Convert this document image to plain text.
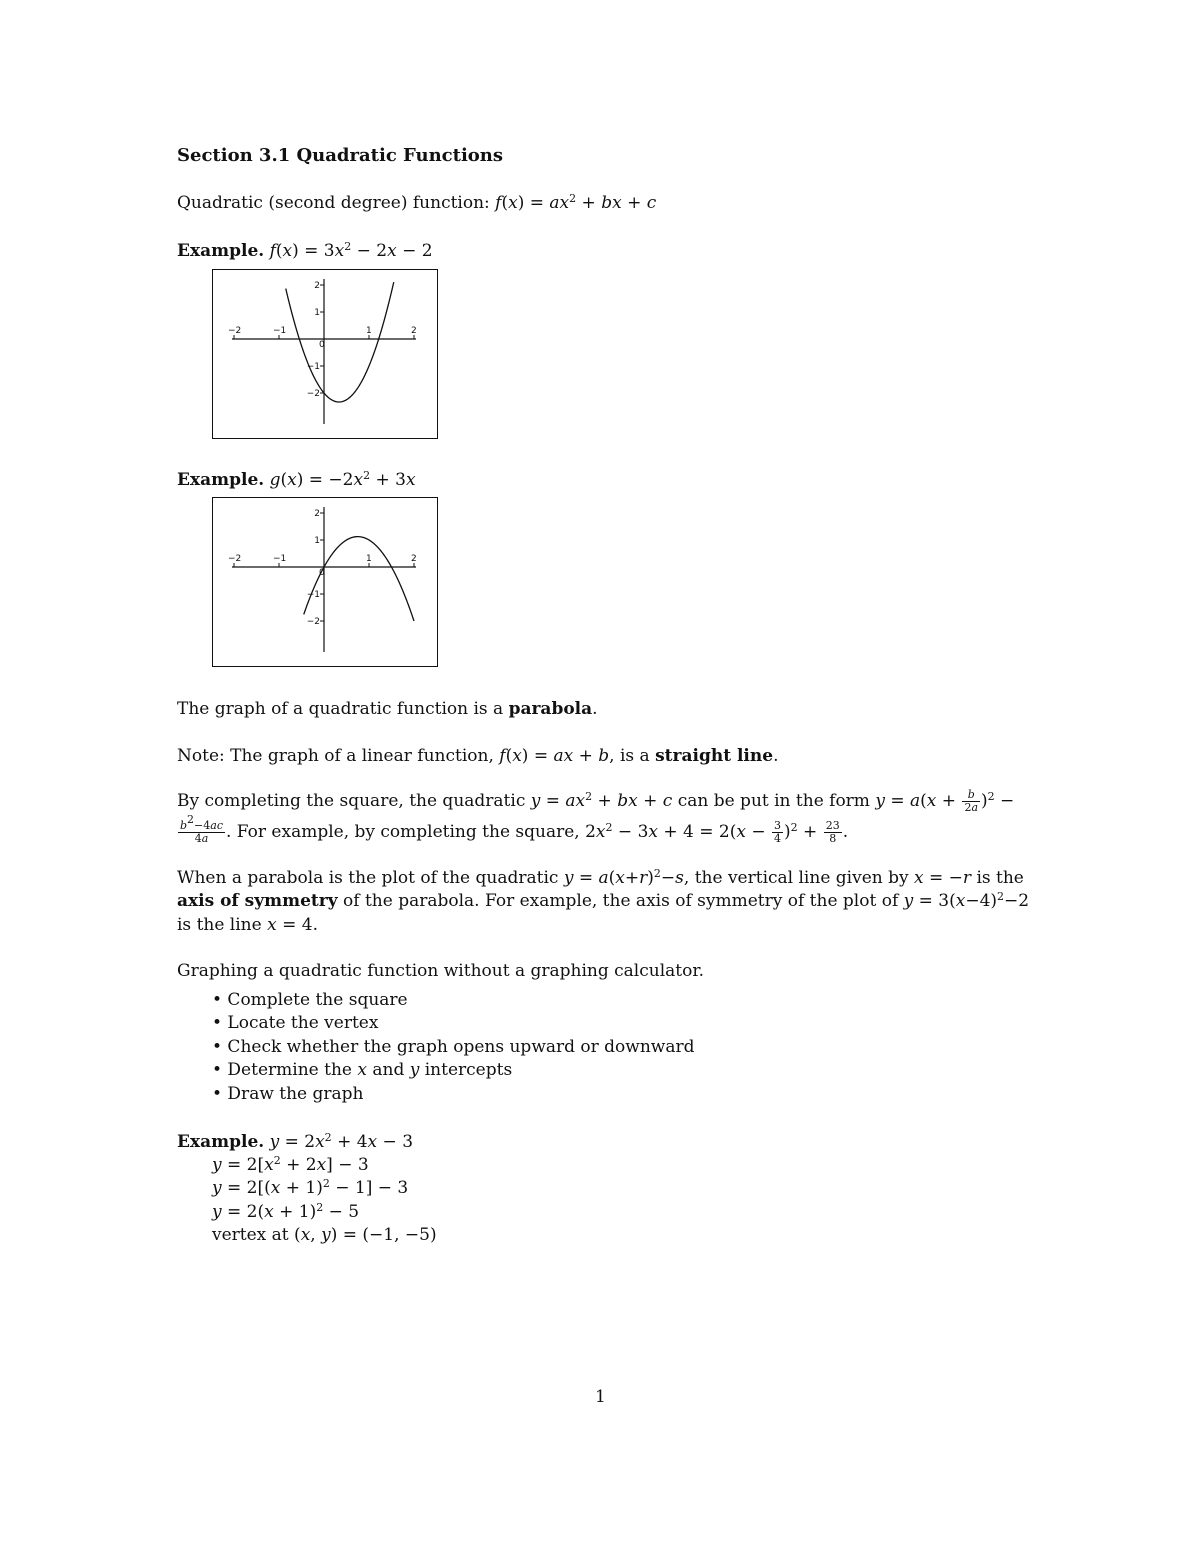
Section 3.1 Quadratic Functions
Quadratic (second degree) function: $f(x) = ax^2$ + bx + c
Example. $f(x) = 3x^2 - 2x - 2$
−2	−1
0
1	2
−2
−1
1
2
Example. $g(x) = -2x^2 + 3x$
−2	−1
0
1	2
−2
−1
1
2
The graph of a quadratic function is a parabola.
Note: The graph of a linear function, f(x) = ax + b, is a straight line.
By completing the square, the quadratic $y = ax^2$ + bx + c can be put in the form $y = a(x + \frac{b}{2a} )^2$ −
$\frac{b^2-4ac}{4a}$ . For example, by completing the square, $2x^2 - 3x + 4 = 2(x - \frac{3}{4} )^2 + \frac{23}{8}$ .
When a parabola is the plot of the quadratic $y = a(x+r)^2-s$, the vertical line given by x = −r is the
axis of symmetry of the parabola. For example, the axis of symmetry of the plot of $y = 3(x-4)^2-2$
is the line x = 4.
Graphing a quadratic function without a graphing calculator.
• Complete the square
• Locate the vertex
• Check whether the graph opens upward or downward
• Determine the x and y intercepts
• Draw the graph
Example. $y = 2x^2 + 4x - 3$
$y = 2[x^2 + 2x] - 3$
$y = 2[(x + 1)^2 - 1] - 3$
$y = 2(x + 1)^2 - 5$
vertex at (x, y) = (−1, −5)
1
